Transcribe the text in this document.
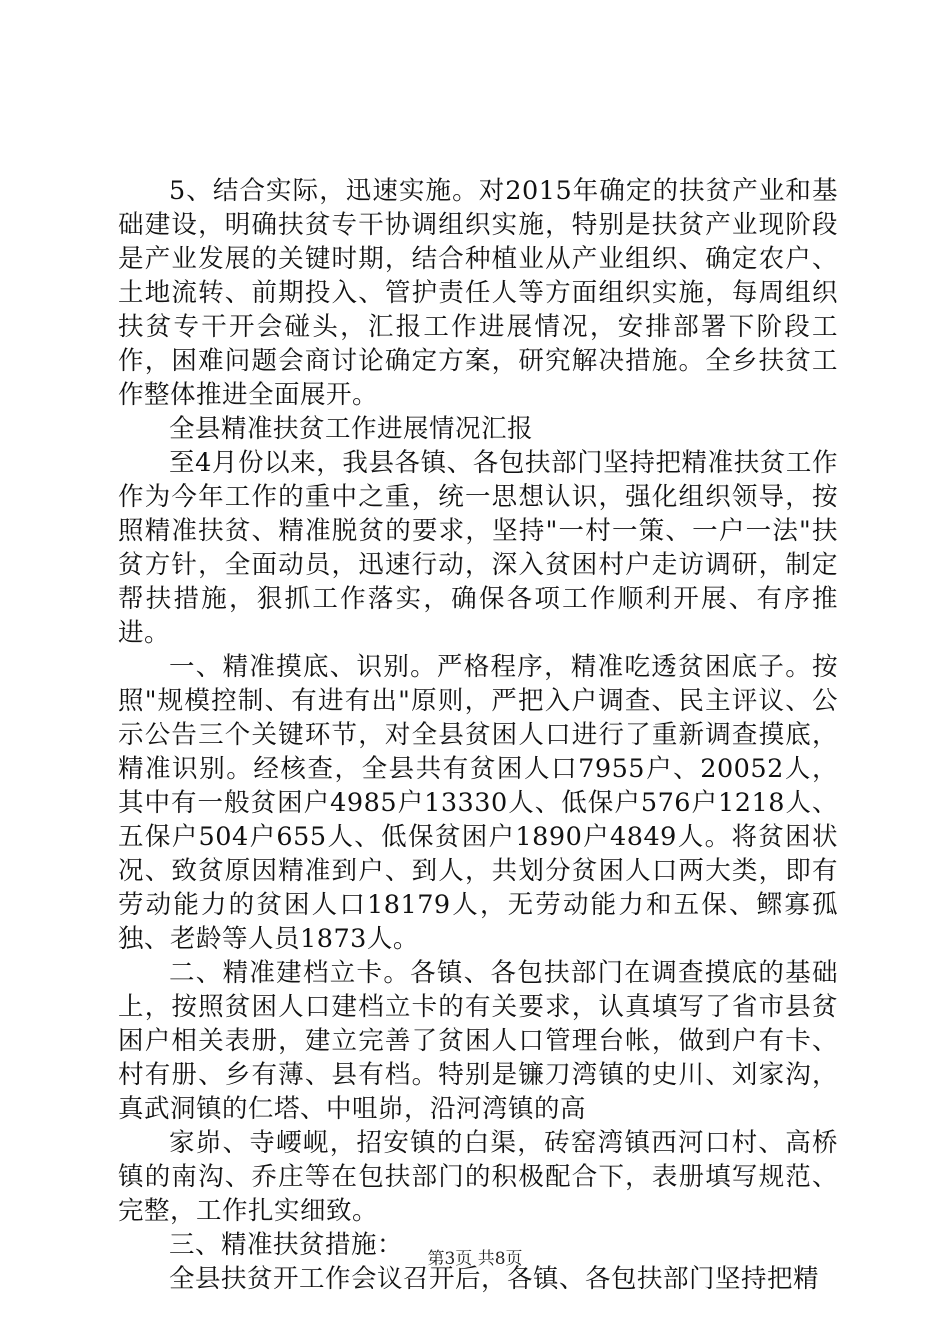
5、结合实际，迅速实施。对2015年确定的扶贫产业和基础建设，明确扶贫专干协调组织实施，特别是扶贫产业现阶段是产业发展的关键时期，结合种植业从产业组织、确定农户、土地流转、前期投入、管护责任人等方面组织实施，每周组织扶贫专干开会碰头，汇报工作进展情况，安排部署下阶段工作，困难问题会商讨论确定方案，研究解决措施。全乡扶贫工作整体推进全面展开。

全县精准扶贫工作进展情况汇报

至4月份以来，我县各镇、各包扶部门坚持把精准扶贫工作作为今年工作的重中之重，统一思想认识，强化组织领导，按照精准扶贫、精准脱贫的要求，坚持"一村一策、一户一法"扶贫方针，全面动员，迅速行动，深入贫困村户走访调研，制定帮扶措施，狠抓工作落实，确保各项工作顺利开展、有序推进。

一、精准摸底、识别。严格程序，精准吃透贫困底子。按照"规模控制、有进有出"原则，严把入户调查、民主评议、公示公告三个关键环节，对全县贫困人口进行了重新调查摸底，精准识别。经核查，全县共有贫困人口7955户、20052人，其中有一般贫困户4985户13330人、低保户576户1218人、五保户504户655人、低保贫困户1890户4849人。将贫困状况、致贫原因精准到户、到人，共划分贫困人口两大类，即有劳动能力的贫困人口18179人，无劳动能力和五保、鳏寡孤独、老龄等人员1873人。

二、精准建档立卡。各镇、各包扶部门在调查摸底的基础上，按照贫困人口建档立卡的有关要求，认真填写了省市县贫困户相关表册，建立完善了贫困人口管理台帐，做到户有卡、村有册、乡有薄、县有档。特别是镰刀湾镇的史川、刘家沟，真武洞镇的仁塔、中咀峁，沿河湾镇的高

家峁、寺崾岘，招安镇的白渠，砖窑湾镇西河口村、高桥镇的南沟、乔庄等在包扶部门的积极配合下，表册填写规范、完整，工作扎实细致。

三、精准扶贫措施：

全县扶贫开工作会议召开后，各镇、各包扶部门坚持把精

第3页 共8页
